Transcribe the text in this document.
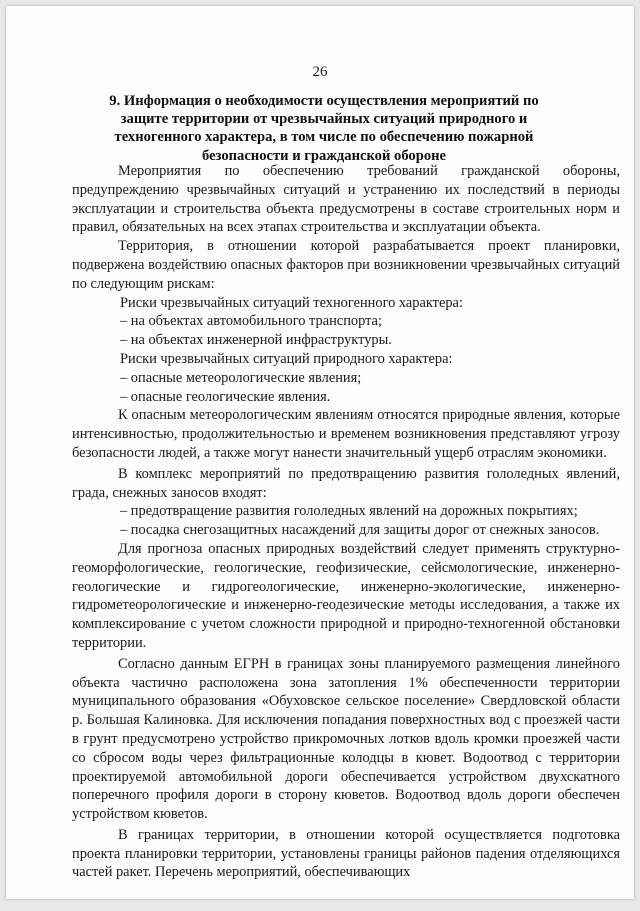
26
9. Информация о необходимости осуществления мероприятий по защите территории от чрезвычайных ситуаций природного и техногенного характера, в том числе по обеспечению пожарной безопасности и гражданской обороне

Мероприятия по обеспечению требований гражданской обороны, предупреждению чрезвычайных ситуаций и устранению их последствий в периоды эксплуатации и строительства объекта предусмотрены в составе строительных норм и правил, обязательных на всех этапах строительства и эксплуатации объекта.

Территория, в отношении которой разрабатывается проект планировки, подвержена воздействию опасных факторов при возникновении чрезвычайных ситуаций по следующим рискам:

Риски чрезвычайных ситуаций техногенного характера:

– на объектах автомобильного транспорта;

– на объектах инженерной инфраструктуры.

Риски чрезвычайных ситуаций природного характера:

– опасные метеорологические явления;

– опасные геологические явления.

К опасным метеорологическим явлениям относятся природные явления, которые интенсивностью, продолжительностью и временем возникновения представляют угрозу безопасности людей, а также могут нанести значительный ущерб отраслям экономики.

В комплекс мероприятий по предотвращению развития гололедных явлений, града, снежных заносов входят:

– предотвращение развития гололедных явлений на дорожных покрытиях;

– посадка снегозащитных насаждений для защиты дорог от снежных заносов.

Для прогноза опасных природных воздействий следует применять структурно-геоморфологические, геологические, геофизические, сейсмологические, инженерно-геологические и гидрогеологические, инженерно-экологические, инженерно-гидрометеорологические и инженерно-геодезические методы исследования, а также их комплексирование с учетом сложности природной и природно-техногенной обстановки территории.

Согласно данным ЕГРН в границах зоны планируемого размещения линейного объекта частично расположена зона затопления 1% обеспеченности территории муниципального образования «Обуховское сельское поселение» Свердловской области р. Большая Калиновка. Для исключения попадания поверхностных вод с проезжей части в грунт предусмотрено устройство прикромочных лотков вдоль кромки проезжей части со сбросом воды через фильтрационные колодцы в кювет. Водоотвод с территории проектируемой автомобильной дороги обеспечивается устройством двухскатного поперечного профиля дороги в сторону кюветов. Водоотвод вдоль дороги обеспечен устройством кюветов.

В границах территории, в отношении которой осуществляется подготовка проекта планировки территории, установлены границы районов падения отделяющихся частей ракет. Перечень мероприятий, обеспечивающих
